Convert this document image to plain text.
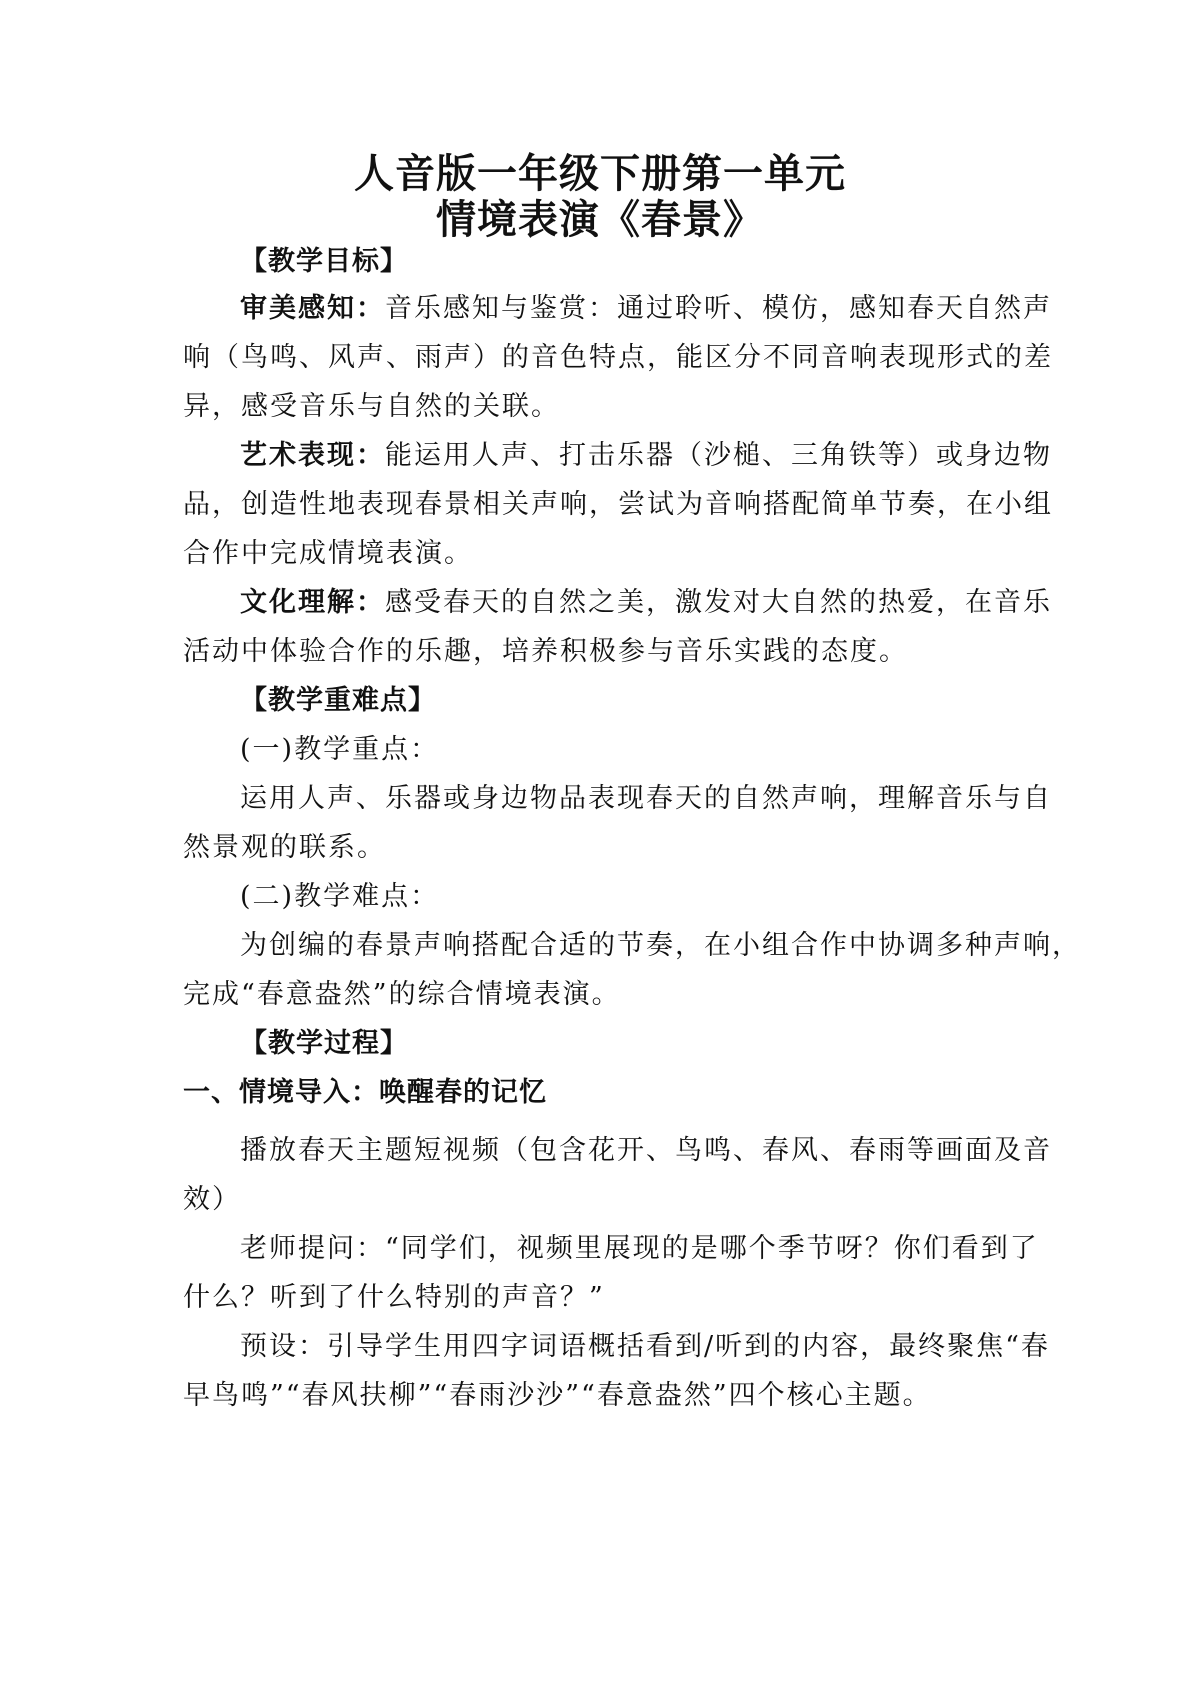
人音版一年级下册第一单元
情境表演《春景》
【教学目标】
审美感知：音乐感知与鉴赏：通过聆听、模仿，感知春天自然声
响（鸟鸣、风声、雨声）的音色特点，能区分不同音响表现形式的差
异，感受音乐与自然的关联。
艺术表现：能运用人声、打击乐器（沙槌、三角铁等）或身边物
品，创造性地表现春景相关声响，尝试为音响搭配简单节奏，在小组
合作中完成情境表演。
文化理解：感受春天的自然之美，激发对大自然的热爱，在音乐
活动中体验合作的乐趣，培养积极参与音乐实践的态度。
【教学重难点】
(一)教学重点：
运用人声、乐器或身边物品表现春天的自然声响，理解音乐与自
然景观的联系。
(二)教学难点：
为创编的春景声响搭配合适的节奏，在小组合作中协调多种声响，
完成“春意盎然”的综合情境表演。
【教学过程】
一、情境导入：唤醒春的记忆
播放春天主题短视频（包含花开、鸟鸣、春风、春雨等画面及音
效）
老师提问：“同学们，视频里展现的是哪个季节呀？你们看到了
什么？听到了什么特别的声音？”
预设：引导学生用四字词语概括看到/听到的内容，最终聚焦“春
早鸟鸣”“春风扶柳”“春雨沙沙”“春意盎然”四个核心主题。
